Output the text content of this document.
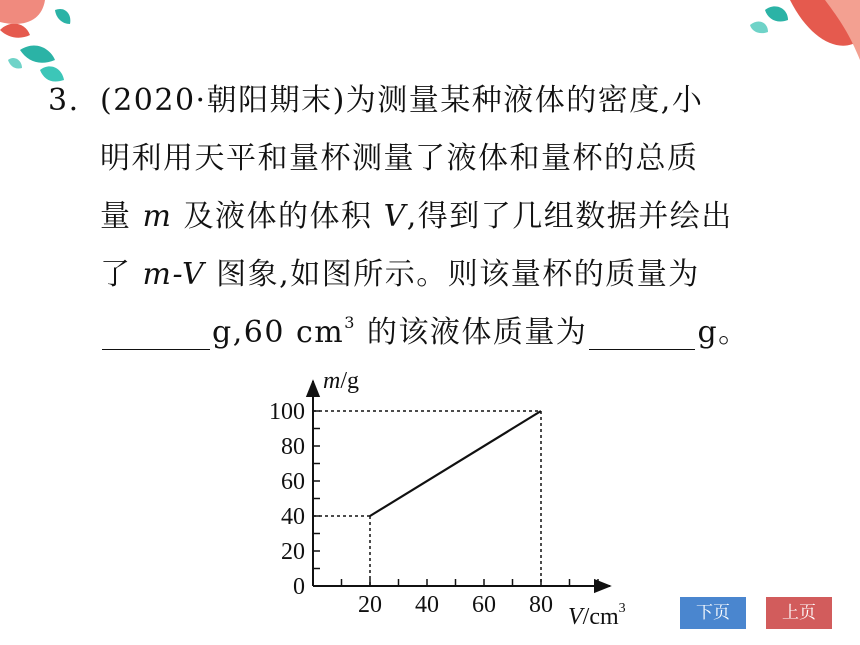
3. (2020·朝阳期末)为测量某种液体的密度,小
明利用天平和量杯测量了液体和量杯的总质
量 m 及液体的体积 V,得到了几组数据并绘出
了 m-V 图象,如图所示。则该量杯的质量为
g,60 $cm^3$ 的该液体质量为	g。
20 40 60 80
0
20
40
60
80
100
m/g
$V/cm^3$	下页	上页
